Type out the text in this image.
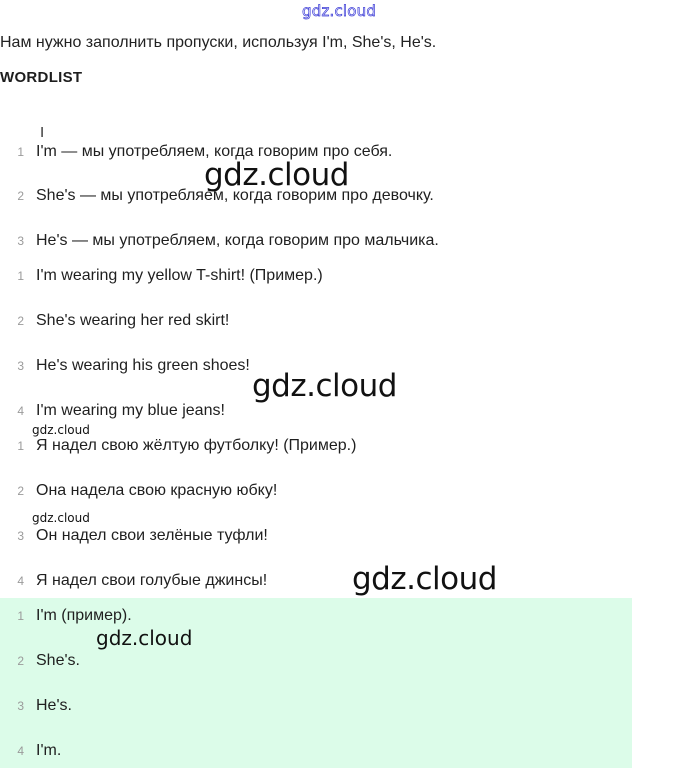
gdz.cloud
Нам нужно заполнить пропуски, используя I'm, She's, He's.
WORDLIST
I
1 I'm — мы употребляем, когда говорим про себя.
2 She's — мы употребляем, когда говорим про девочку.
3 He's — мы употребляем, когда говорим про мальчика.
1 I'm wearing my yellow T-shirt! (Пример.)
2 She's wearing her red skirt!
3 He's wearing his green shoes!
4 I'm wearing my blue jeans!
1 Я надел свою жёлтую футболку! (Пример.)
2 Она надела свою красную юбку!
3 Он надел свои зелёные туфли!
4 Я надел свои голубые джинсы!
1 I'm (пример).
2 She's.
3 He's.
4 I'm.
gdz.cloud
gdz.cloud
gdz.cloud
gdz.cloud
gdz.cloud
gdz.cloud
